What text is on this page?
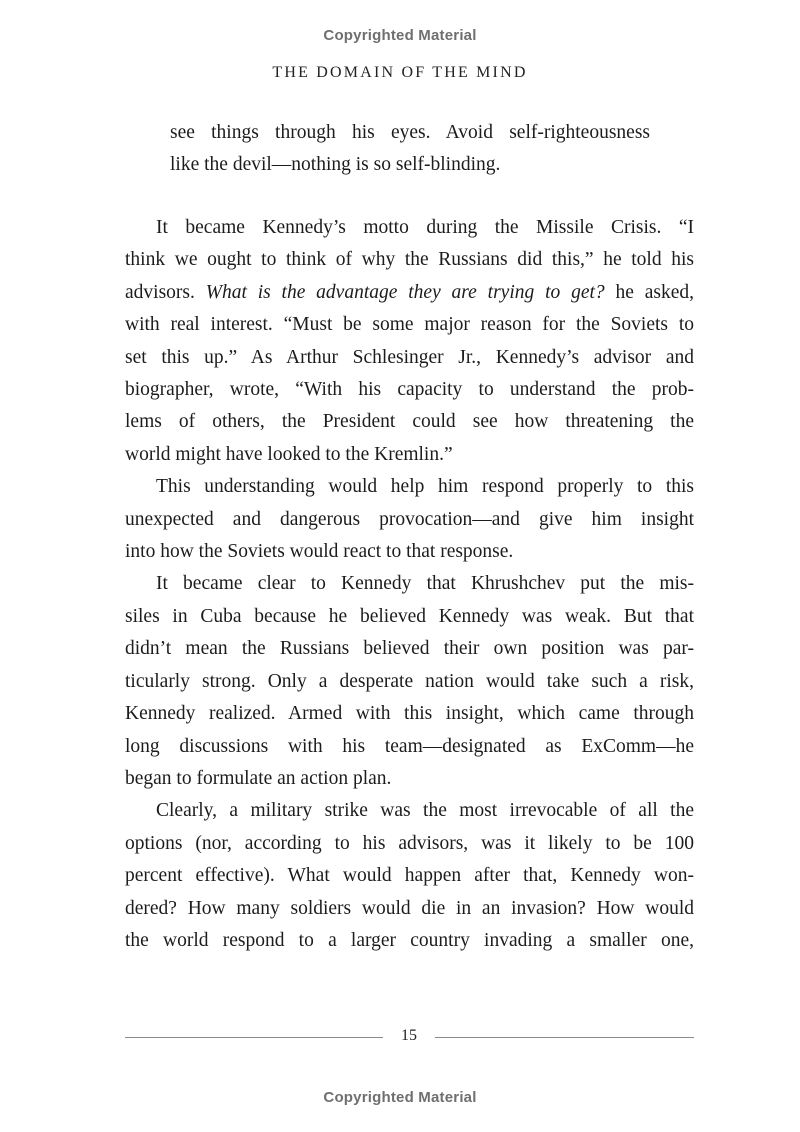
Copyrighted Material
THE DOMAIN OF THE MIND
see things through his eyes. Avoid self-righteousness
like the devil—nothing is so self-blinding.
It became Kennedy’s motto during the Missile Crisis. “I
think we ought to think of why the Russians did this,” he told his
advisors. What is the advantage they are trying to get? he asked,
with real interest. “Must be some major reason for the Soviets to
set this up.” As Arthur Schlesinger Jr., Kennedy’s advisor and
biographer, wrote, “With his capacity to understand the prob-
lems of others, the President could see how threatening the
world might have looked to the Kremlin.”
This understanding would help him respond properly to this
unexpected and dangerous provocation—and give him insight
into how the Soviets would react to that response.
It became clear to Kennedy that Khrushchev put the mis-
siles in Cuba because he believed Kennedy was weak. But that
didn’t mean the Russians believed their own position was par-
ticularly strong. Only a desperate nation would take such a risk,
Kennedy realized. Armed with this insight, which came through
long discussions with his team—designated as ExComm—he
began to formulate an action plan.
Clearly, a military strike was the most irrevocable of all the
options (nor, according to his advisors, was it likely to be 100
percent effective). What would happen after that, Kennedy won-
dered? How many soldiers would die in an invasion? How would
the world respond to a larger country invading a smaller one,
15
Copyrighted Material
